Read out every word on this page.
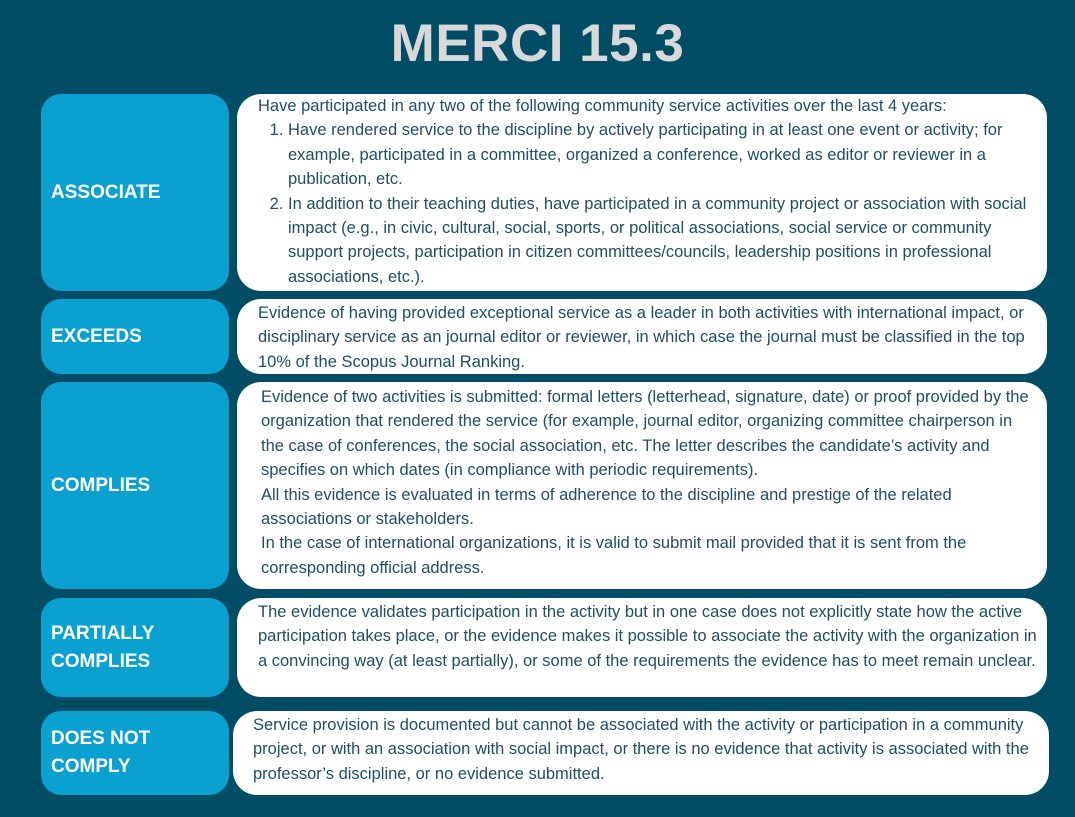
MERCI 15.3
ASSOCIATE

Have participated in any two of the following community service activities over the last 4 years:

1. Have rendered service to the discipline by actively participating in at least one event or activity; for example, participated in a committee, organized a conference, worked as editor or reviewer in a publication, etc.
2. In addition to their teaching duties, have participated in a community project or association with social impact (e.g., in civic, cultural, social, sports, or political associations, social service or community support projects, participation in citizen committees/councils, leadership positions in professional associations, etc.).
EXCEEDS

Evidence of having provided exceptional service as a leader in both activities with international impact, or disciplinary service as an journal editor or reviewer, in which case the journal must be classified in the top 10% of the Scopus Journal Ranking.

COMPLIES

Evidence of two activities is submitted: formal letters (letterhead, signature, date) or proof provided by the organization that rendered the service (for example, journal editor, organizing committee chairperson in the case of conferences, the social association, etc. The letter describes the candidate’s activity and specifies on which dates (in compliance with periodic requirements).

All this evidence is evaluated in terms of adherence to the discipline and prestige of the related associations or stakeholders.

In the case of international organizations, it is valid to submit mail provided that it is sent from the corresponding official address.

PARTIALLY COMPLIES

The evidence validates participation in the activity but in one case does not explicitly state how the active participation takes place, or the evidence makes it possible to associate the activity with the organization in a convincing way (at least partially), or some of the requirements the evidence has to meet remain unclear.

DOES NOT COMPLY

Service provision is documented but cannot be associated with the activity or participation in a community project, or with an association with social impact, or there is no evidence that activity is associated with the professor’s discipline, or no evidence submitted.
